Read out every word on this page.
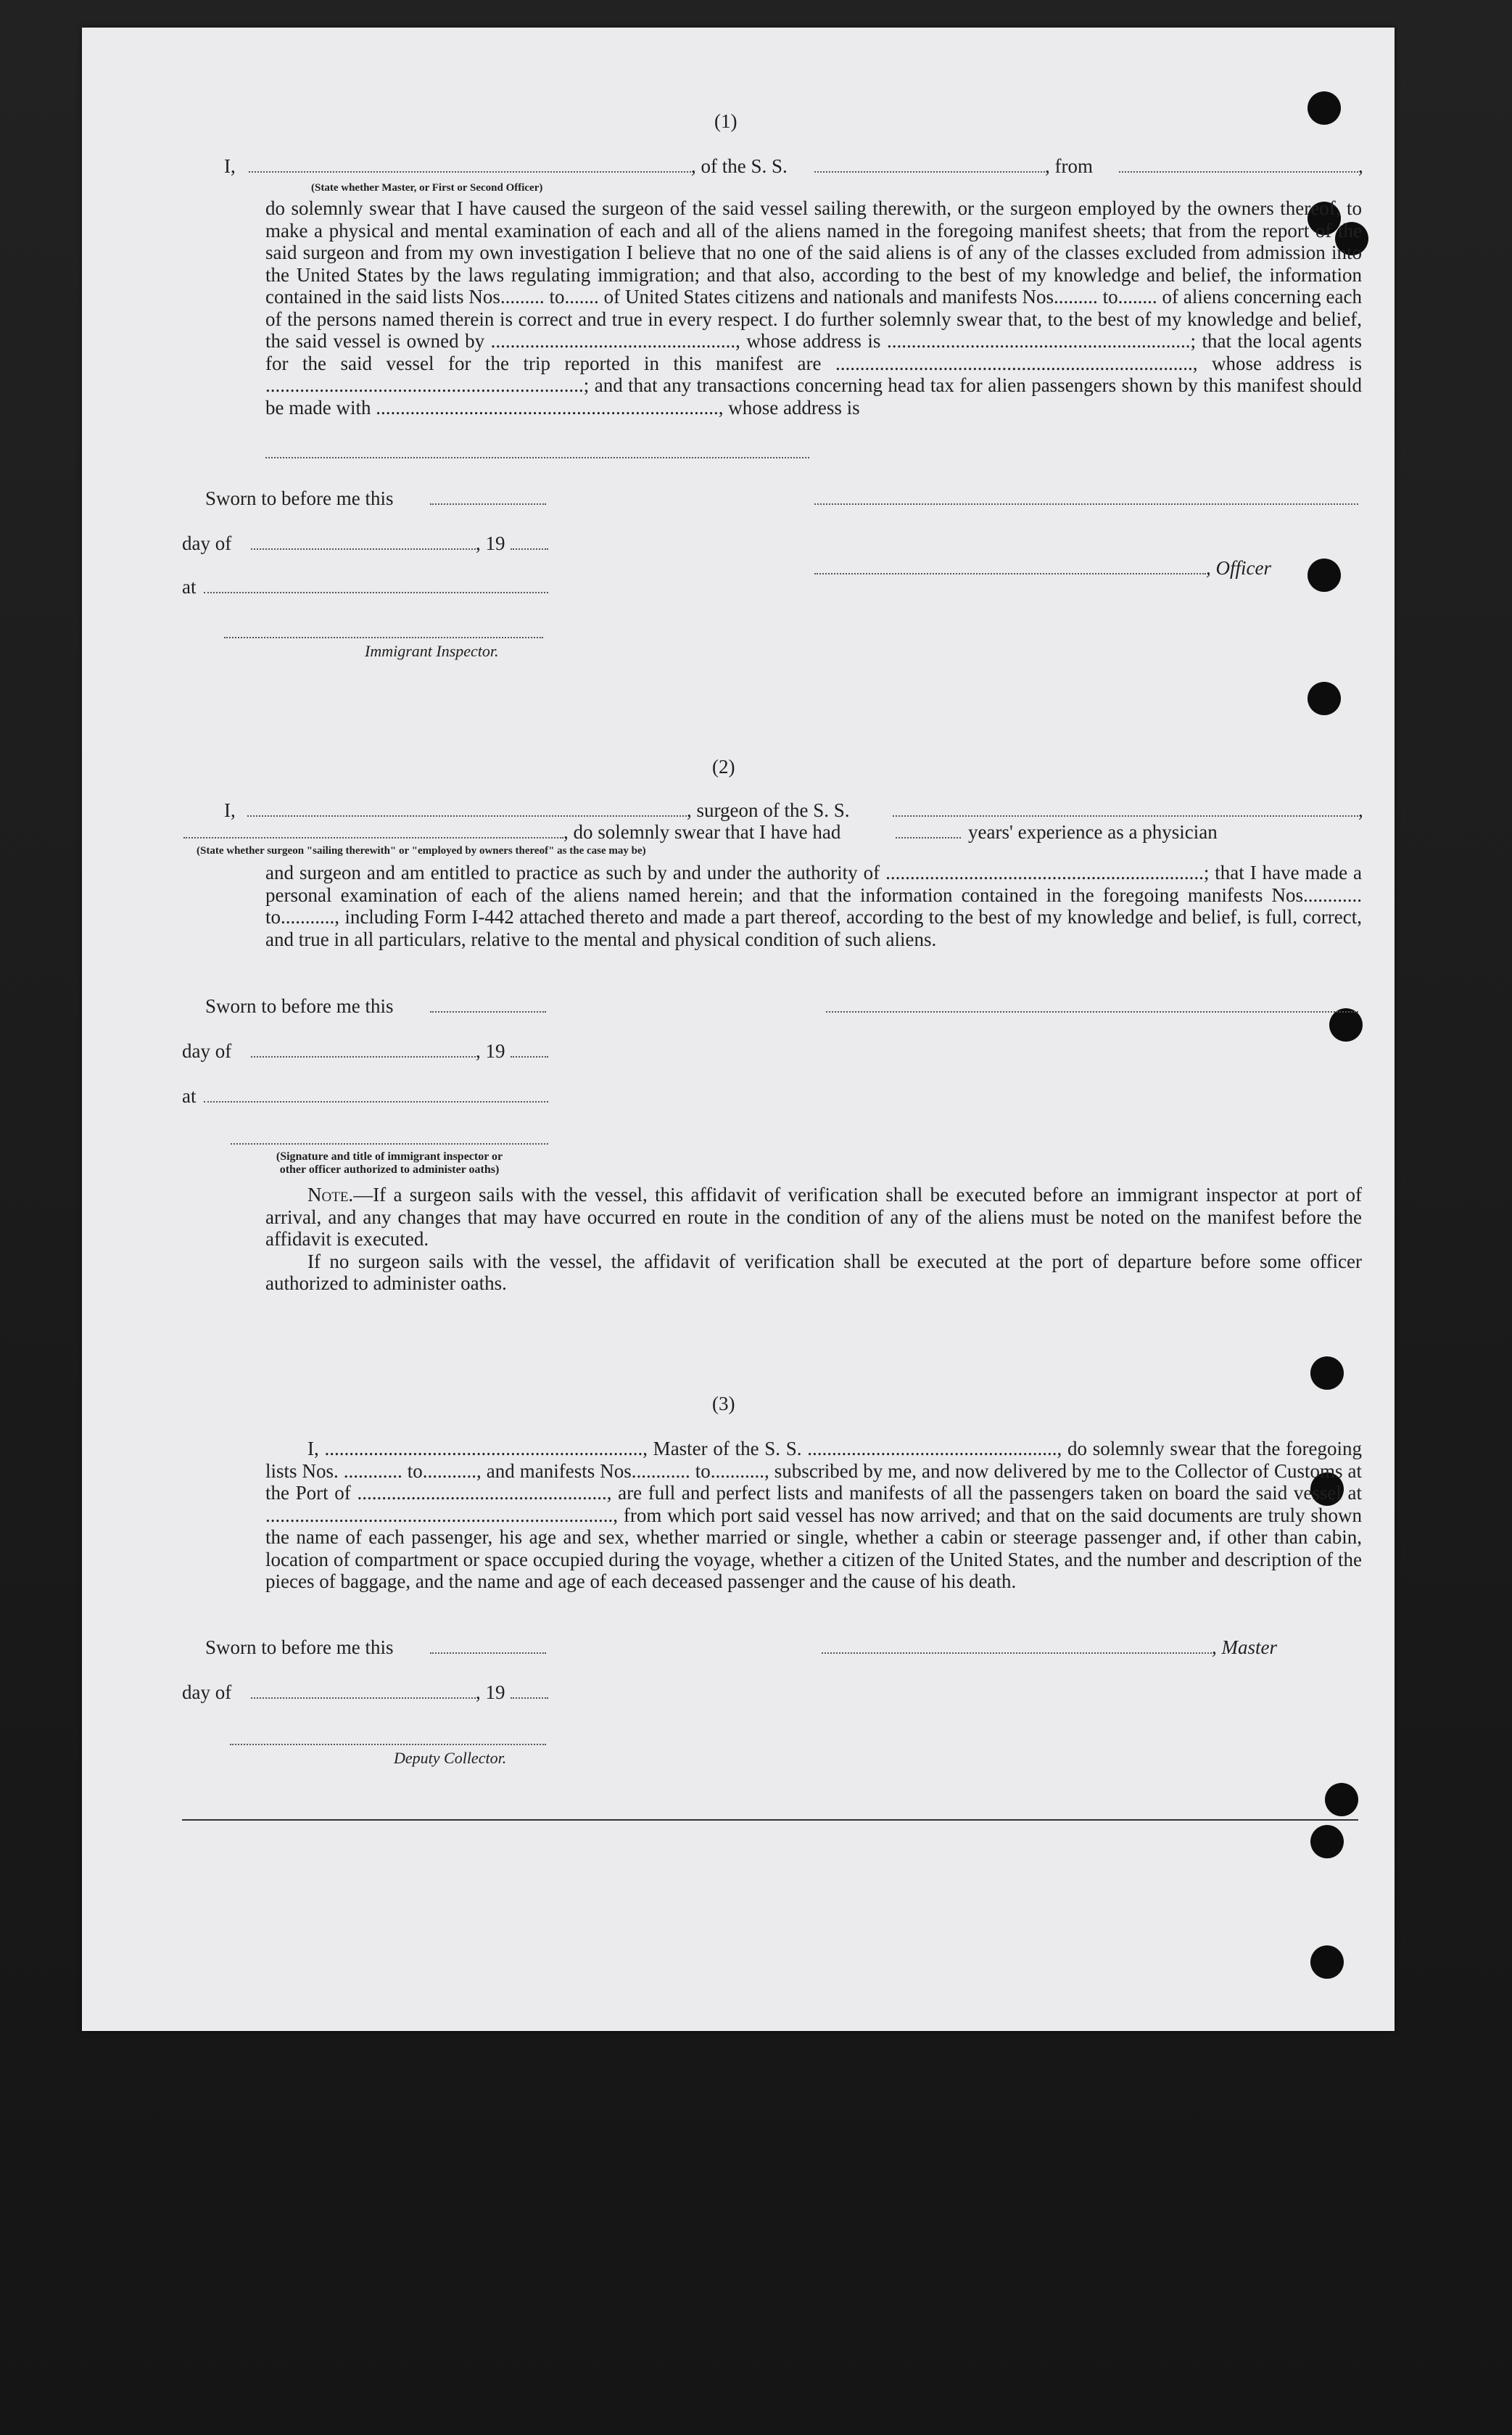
(1)
I,	, of the S. S.	, from	,
(State whether Master, or First or Second Officer)

do solemnly swear that I have caused the surgeon of the said vessel sailing therewith, or the surgeon employed by the owners thereof, to make a physical and mental examination of each and all of the aliens named in the foregoing manifest sheets; that from the report of the said surgeon and from my own investigation I believe that no one of the said aliens is of any of the classes excluded from admission into the United States by the laws regulating immigration; and that also, according to the best of my knowledge and belief, the information contained in the said lists Nos......... to....... of United States citizens and nationals and manifests Nos......... to........ of aliens concerning each of the persons named therein is correct and true in every respect. I do further solemnly swear that, to the best of my knowledge and belief, the said vessel is owned by .................................................., whose address is ..............................................................; that the local agents for the said vessel for the trip reported in this manifest are ........................................................................., whose address is .................................................................; and that any transactions concerning head tax for alien passengers shown by this manifest should be made with ......................................................................, whose address is

Sworn to before me this
day of	, 19
, Officer
at
Immigrant Inspector.
(2)
I,	, surgeon of the S. S.	,
, do solemnly swear that I have had	years' experience as a physician
(State whether surgeon "sailing therewith" or "employed by owners thereof" as the case may be)

and surgeon and am entitled to practice as such by and under the authority of .................................................................; that I have made a personal examination of each of the aliens named herein; and that the information contained in the foregoing manifests Nos............ to..........., including Form I-442 attached thereto and made a part thereof, according to the best of my knowledge and belief, is full, correct, and true in all particulars, relative to the mental and physical condition of such aliens.

Sworn to before me this
day of	, 19
at
(Signature and title of immigrant inspector or
other officer authorized to administer oaths)

Note.—If a surgeon sails with the vessel, this affidavit of verification shall be executed before an immigrant inspector at port of arrival, and any changes that may have occurred en route in the condition of any of the aliens must be noted on the manifest before the affidavit is executed.

If no surgeon sails with the vessel, the affidavit of verification shall be executed at the port of departure before some officer authorized to administer oaths.

(3)

I, ................................................................., Master of the S. S. ..................................................., do solemnly swear that the foregoing lists Nos. ............ to..........., and manifests Nos............ to..........., subscribed by me, and now delivered by me to the Collector of Customs at the Port of ..................................................., are full and perfect lists and manifests of all the passengers taken on board the said vessel at ......................................................................., from which port said vessel has now arrived; and that on the said documents are truly shown the name of each passenger, his age and sex, whether married or single, whether a cabin or steerage passenger and, if other than cabin, location of compartment or space occupied during the voyage, whether a citizen of the United States, and the number and description of the pieces of baggage, and the name and age of each deceased passenger and the cause of his death.

Sworn to before me this	, Master
day of	, 19
Deputy Collector.
